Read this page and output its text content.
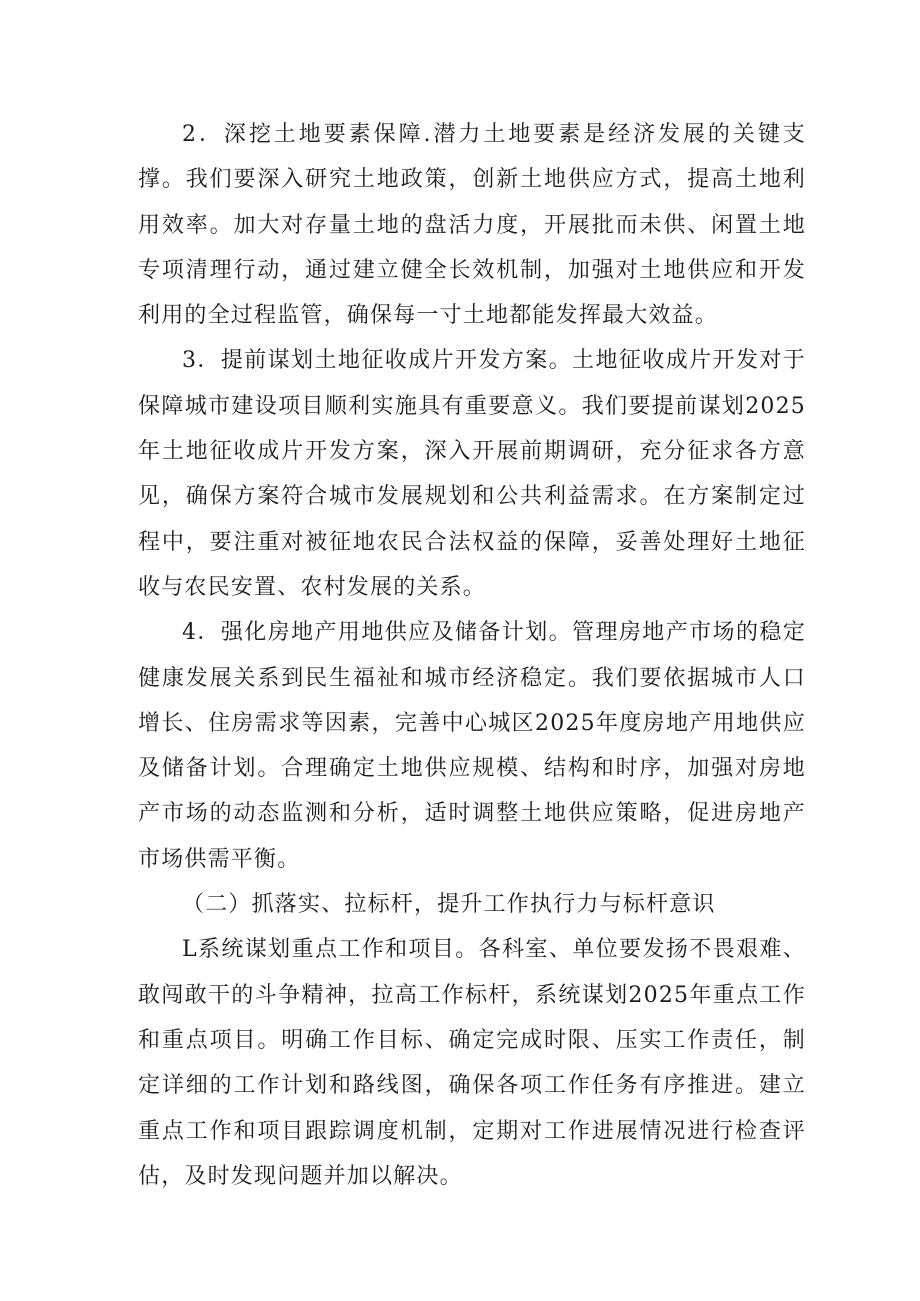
2．深挖土地要素保障.潜力土地要素是经济发展的关键支撑。我们要深入研究土地政策，创新土地供应方式，提高土地利用效率。加大对存量土地的盘活力度，开展批而未供、闲置土地专项清理行动，通过建立健全长效机制，加强对土地供应和开发利用的全过程监管，确保每一寸土地都能发挥最大效益。

3．提前谋划土地征收成片开发方案。土地征收成片开发对于保障城市建设项目顺利实施具有重要意义。我们要提前谋划2025年土地征收成片开发方案，深入开展前期调研，充分征求各方意见，确保方案符合城市发展规划和公共利益需求。在方案制定过程中，要注重对被征地农民合法权益的保障，妥善处理好土地征收与农民安置、农村发展的关系。

4．强化房地产用地供应及储备计划。管理房地产市场的稳定健康发展关系到民生福祉和城市经济稳定。我们要依据城市人口增长、住房需求等因素，完善中心城区2025年度房地产用地供应及储备计划。合理确定土地供应规模、结构和时序，加强对房地产市场的动态监测和分析，适时调整土地供应策略，促进房地产市场供需平衡。

（二）抓落实、拉标杆，提升工作执行力与标杆意识

L系统谋划重点工作和项目。各科室、单位要发扬不畏艰难、敢闯敢干的斗争精神，拉高工作标杆，系统谋划2025年重点工作和重点项目。明确工作目标、确定完成时限、压实工作责任，制定详细的工作计划和路线图，确保各项工作任务有序推进。建立重点工作和项目跟踪调度机制，定期对工作进展情况进行检查评估，及时发现问题并加以解决。
